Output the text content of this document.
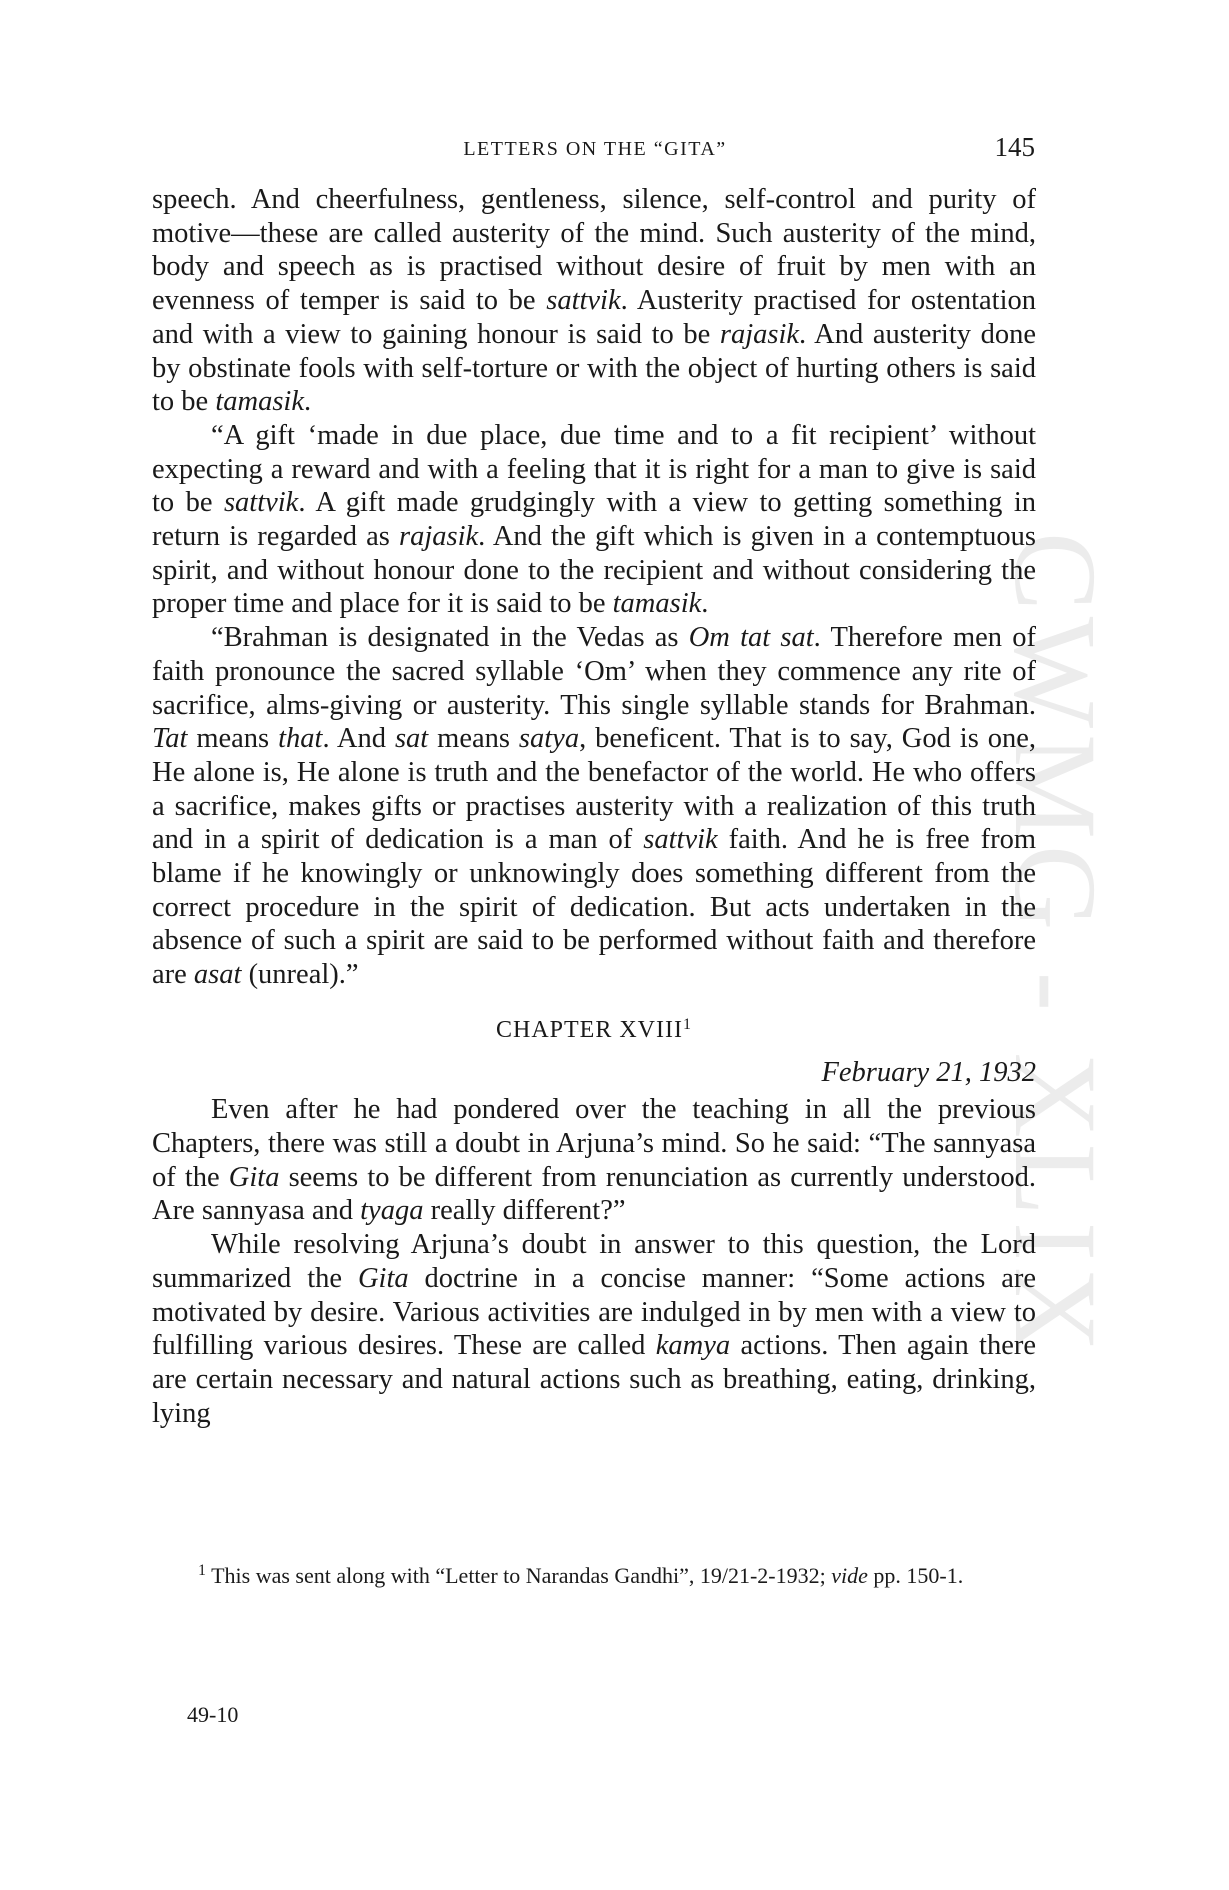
CWMG - XLIX
LETTERS ON THE “GITA”	145

speech. And cheerfulness, gentleness, silence, self-control and purity of motive—these are called austerity of the mind. Such austerity of the mind, body and speech as is practised without desire of fruit by men with an evenness of temper is said to be sattvik. Austerity practised for ostentation and with a view to gaining honour is said to be rajasik. And austerity done by obstinate fools with self-torture or with the object of hurting others is said to be tamasik.

“A gift ‘made in due place, due time and to a fit recipient’ without expecting a reward and with a feeling that it is right for a man to give is said to be sattvik. A gift made grudgingly with a view to getting something in return is regarded as rajasik. And the gift which is given in a contemptuous spirit, and without honour done to the recipient and without considering the proper time and place for it is said to be tamasik.

“Brahman is designated in the Vedas as Om tat sat. Therefore men of faith pronounce the sacred syllable ‘Om’ when they commence any rite of sacrifice, alms-giving or austerity. This single syllable stands for Brahman. Tat means that. And sat means satya, beneficent. That is to say, God is one, He alone is, He alone is truth and the benefactor of the world. He who offers a sacrifice, makes gifts or practises austerity with a realization of this truth and in a spirit of dedication is a man of sattvik faith. And he is free from blame if he knowingly or unknowingly does something different from the correct procedure in the spirit of dedication. But acts undertaken in the absence of such a spirit are said to be performed without faith and therefore are asat (unreal).”

CHAPTER XVIII$^1$
February 21, 1932

Even after he had pondered over the teaching in all the previous Chapters, there was still a doubt in Arjuna’s mind. So he said: “The sannyasa of the Gita seems to be different from renunciation as currently understood. Are sannyasa and tyaga really different?”

While resolving Arjuna’s doubt in answer to this question, the Lord summarized the Gita doctrine in a concise manner: “Some actions are motivated by desire. Various activities are indulged in by men with a view to fulfilling various desires. These are called kamya actions. Then again there are certain necessary and natural actions such as breathing, eating, drinking, lying

$^1$ This was sent along with “Letter to Narandas Gandhi”, 19/21-2-1932; vide pp. 150-1.

49-10
